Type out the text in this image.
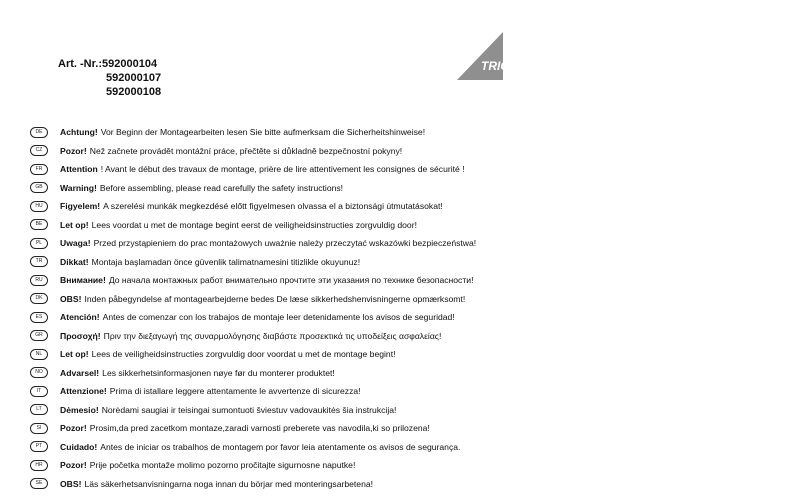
Art. -Nr.:592000104
592000107
592000108
TRIO
DE	Achtung! Vor Beginn der Montagearbeiten lesen Sie bitte aufmerksam die Sicherheitshinweise!
CZ	Pozor! Než začnete provádět montážní práce, přečtěte si důkladně bezpečnostní pokyny!
FR	Attention ! Avant le début des travaux de montage, prière de lire attentivement les consignes de sécurité !
GB	Warning! Before assembling, please read carefully the safety instructions!
HU	Figyelem! A szerelési munkák megkezdésé előtt figyelmesen olvassa el a biztonsági útmutatásokat!
BE	Let op! Lees voordat u met de montage begint eerst de veiligheidsinstructies zorgvuldig door!
PL	Uwaga! Przed przystąpieniem do prac montażowych uważnie należy przeczytać wskazówki bezpieczeństwa!
TR	Dikkat! Montaja başlamadan önce güvenlik talimatnamesini titizlikle okuyunuz!
RU	Внимание! До начала монтажных работ внимательно прочтите эти указания по технике безопасности!
DK	OBS! Inden påbegyndelse af montagearbejderne bedes De læse sikkerhedshenvisningerne opmærksomt!
ES	Atención! Antes de comenzar con los trabajos de montaje leer detenidamente los avisos de seguridad!
GR	Προσοχή! Πριν την διεξαγωγή της συναρμολόγησης διαβάστε προσεκτικά τις υποδείξεις ασφαλείας!
NL	Let op! Lees de veiligheidsinstructies zorgvuldig door voordat u met de montage begint!
NO	Advarsel! Les sikkerhetsinformasjonen nøye før du monterer produktet!
IT	Attenzione! Prima di istallare leggere attentamente le avvertenze di sicurezza!
LT	Dėmesio! Norėdami saugiai ir teisingai sumontuoti šviestuv vadovaukitės šia instrukcija!
SI	Pozor! Prosim,da pred zacetkom montaze,zaradi varnosti preberete vas navodila,ki so prilozena!
PT	Cuidado! Antes de iniciar os trabalhos de montagem por favor leia atentamente os avisos de segurança.
HR	Pozor! Prije početka montaže molimo pozorno pročitajte sigurnosne naputke!
SE	OBS! Läs säkerhetsanvisningarna noga innan du börjar med monteringsarbetena!
